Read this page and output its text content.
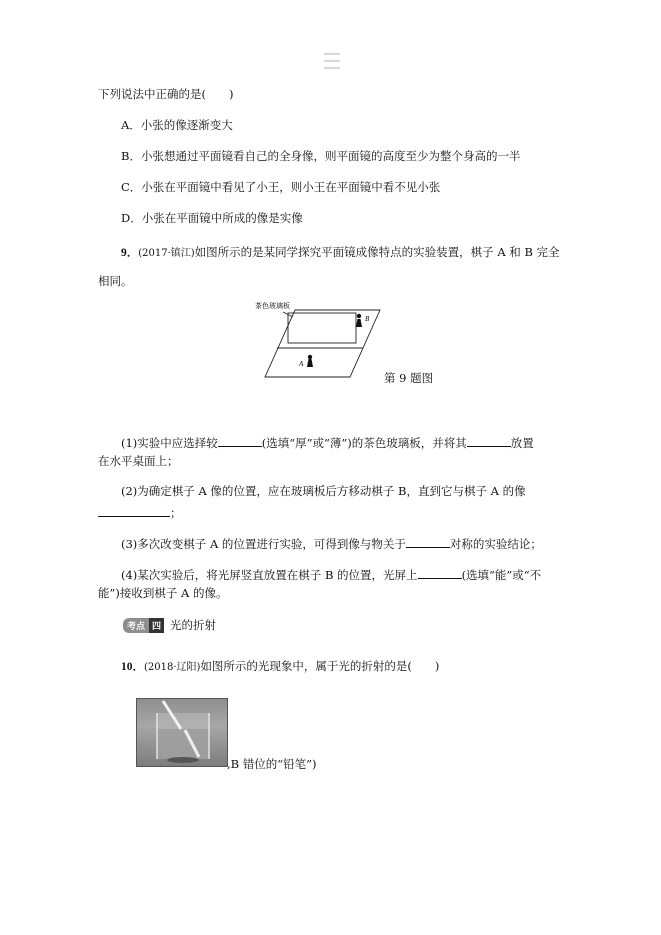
☰
下列说法中正确的是(　　)
A．小张的像逐渐变大
B．小张想通过平面镜看自己的全身像，则平面镜的高度至少为整个身高的一半
C．小张在平面镜中看见了小王，则小王在平面镜中看不见小张
D．小张在平面镜中所成的像是实像
9．(2017·镇江)如图所示的是某同学探究平面镜成像特点的实验装置，棋子 A 和 B 完全
相同。
B
A
茶色玻璃板
第 9 题图
(1)实验中应选择较	(选填“厚”或“薄”)的茶色玻璃板，并将其	放置
在水平桌面上；
(2)为确定棋子 A 像的位置，应在玻璃板后方移动棋子 B，直到它与棋子 A 的像
；
(3)多次改变棋子 A 的位置进行实验，可得到像与物关于	对称的实验结论；
(4)某次实验后，将光屏竖直放置在棋子 B 的位置，光屏上	(选填“能”或“不
能”)接收到棋子 A 的像。
考点 四 光的折射
10．(2018·辽阳)如图所示的光现象中，属于光的折射的是(　　)
,B 错位的“铅笔”)
